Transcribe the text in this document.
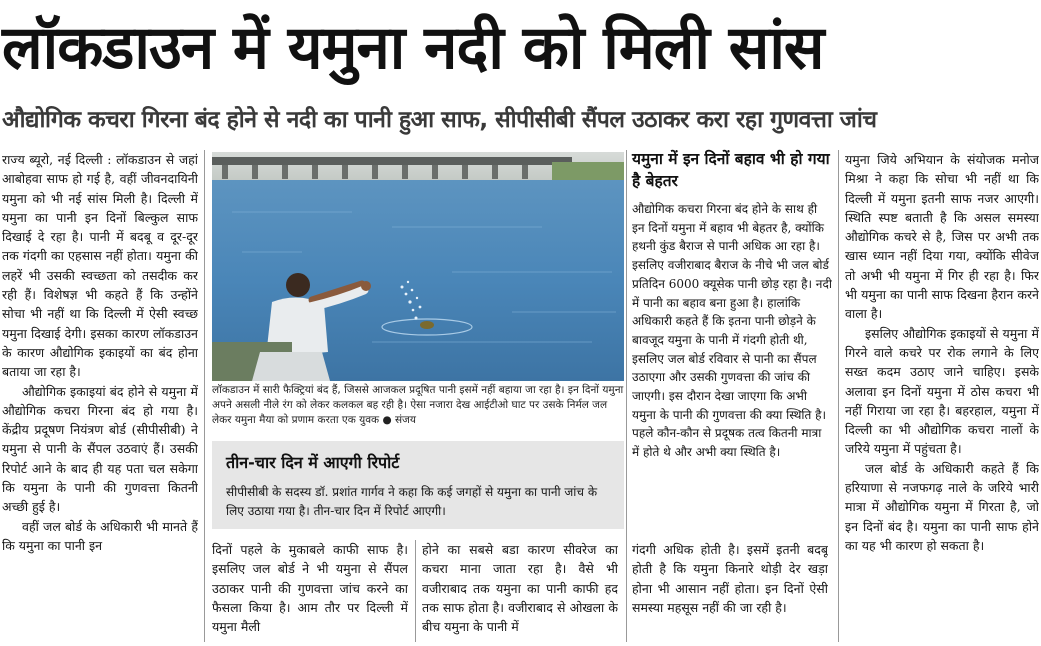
लॉकडाउन में यमुना नदी को मिली सांस
औद्योगिक कचरा गिरना बंद होने से नदी का पानी हुआ साफ, सीपीसीबी सैंपल उठाकर करा रहा गुणवत्ता जांच

राज्य ब्यूरो, नई दिल्ली : लॉकडाउन से जहां आबोहवा साफ हो गई है, वहीं जीवनदायिनी यमुना को भी नई सांस मिली है। दिल्ली में यमुना का पानी इन दिनों बिल्कुल साफ दिखाई दे रहा है। पानी में बदबू व दूर-दूर तक गंदगी का एहसास नहीं होता। यमुना की लहरें भी उसकी स्वच्छता को तसदीक कर रही हैं। विशेषज्ञ भी कहते हैं कि उन्होंने सोचा भी नहीं था कि दिल्ली में ऐसी स्वच्छ यमुना दिखाई देगी। इसका कारण लॉकडाउन के कारण औद्योगिक इकाइयों का बंद होना बताया जा रहा है।

औद्योगिक इकाइयां बंद होने से यमुना में औद्योगिक कचरा गिरना बंद हो गया है। केंद्रीय प्रदूषण नियंत्रण बोर्ड (सीपीसीबी) ने यमुना से पानी के सैंपल उठवाएं हैं। उसकी रिपोर्ट आने के बाद ही यह पता चल सकेगा कि यमुना के पानी की गुणवत्ता कितनी अच्छी हुई है।

वहीं जल बोर्ड के अधिकारी भी मानते हैं कि यमुना का पानी इन

लॉकडाउन में सारी फैक्ट्रियां बंद हैं, जिससे आजकल प्रदूषित पानी इसमें नहीं बहाया जा रहा है। इन दिनों यमुना अपने असली नीले रंग को लेकर कलकल बह रही है। ऐसा नजारा देख आईटीओ घाट पर उसके निर्मल जल लेकर यमुना मैया को प्रणाम करता एक युवक ● संजय
तीन-चार दिन में आएगी रिपोर्ट
सीपीसीबी के सदस्य डॉ. प्रशांत गार्गव ने कहा कि कई जगहों से यमुना का पानी जांच के लिए उठाया गया है। तीन-चार दिन में रिपोर्ट आएगी।

दिनों पहले के मुकाबले काफी साफ है। इसलिए जल बोर्ड ने भी यमुना से सैंपल उठाकर पानी की गुणवत्ता जांच करने का फैसला किया है। आम तौर पर दिल्ली में यमुना मैली

होने का सबसे बडा कारण सीवरेज का कचरा माना जाता रहा है। वैसे भी वजीराबाद तक यमुना का पानी काफी हद तक साफ होता है। वजीराबाद से ओखला के बीच यमुना के पानी में

यमुना में इन दिनों बहाव भी हो गया है बेहतर
औद्योगिक कचरा गिरना बंद होने के साथ ही इन दिनों यमुना में बहाव भी बेहतर है, क्योंकि हथनी कुंड बैराज से पानी अधिक आ रहा है। इसलिए वजीराबाद बैराज के नीचे भी जल बोर्ड प्रतिदिन 6000 क्यूसेक पानी छोड़ रहा है। नदी में पानी का बहाव बना हुआ है। हालांकि अधिकारी कहते हैं कि इतना पानी छोड़ने के बावजूद यमुना के पानी में गंदगी होती थी, इसलिए जल बोर्ड रविवार से पानी का सैंपल उठाएगा और उसकी गुणवत्ता की जांच की जाएगी। इस दौरान देखा जाएगा कि अभी यमुना के पानी की गुणवत्ता की क्या स्थिति है। पहले कौन-कौन से प्रदूषक तत्व कितनी मात्रा में होते थे और अभी क्या स्थिति है।

गंदगी अधिक होती है। इसमें इतनी बदबू होती है कि यमुना किनारे थोड़ी देर खड़ा होना भी आसान नहीं होता। इन दिनों ऐसी समस्या महसूस नहीं की जा रही है।

यमुना जिये अभियान के संयोजक मनोज मिश्रा ने कहा कि सोचा भी नहीं था कि दिल्ली में यमुना इतनी साफ नजर आएगी। स्थिति स्पष्ट बताती है कि असल समस्या औद्योगिक कचरे से है, जिस पर अभी तक खास ध्यान नहीं दिया गया, क्योंकि सीवेज तो अभी भी यमुना में गिर ही रहा है। फिर भी यमुना का पानी साफ दिखना हैरान करने वाला है।

इसलिए औद्योगिक इकाइयों से यमुना में गिरने वाले कचरे पर रोक लगाने के लिए सख्त कदम उठाए जाने चाहिए। इसके अलावा इन दिनों यमुना में ठोस कचरा भी नहीं गिराया जा रहा है। बहरहाल, यमुना में दिल्ली का भी औद्योगिक कचरा नालों के जरिये यमुना में पहुंचता है।

जल बोर्ड के अधिकारी कहते हैं कि हरियाणा से नजफगढ़ नाले के जरिये भारी मात्रा में औद्योगिक यमुना में गिरता है, जो इन दिनों बंद है। यमुना का पानी साफ होने का यह भी कारण हो सकता है।
